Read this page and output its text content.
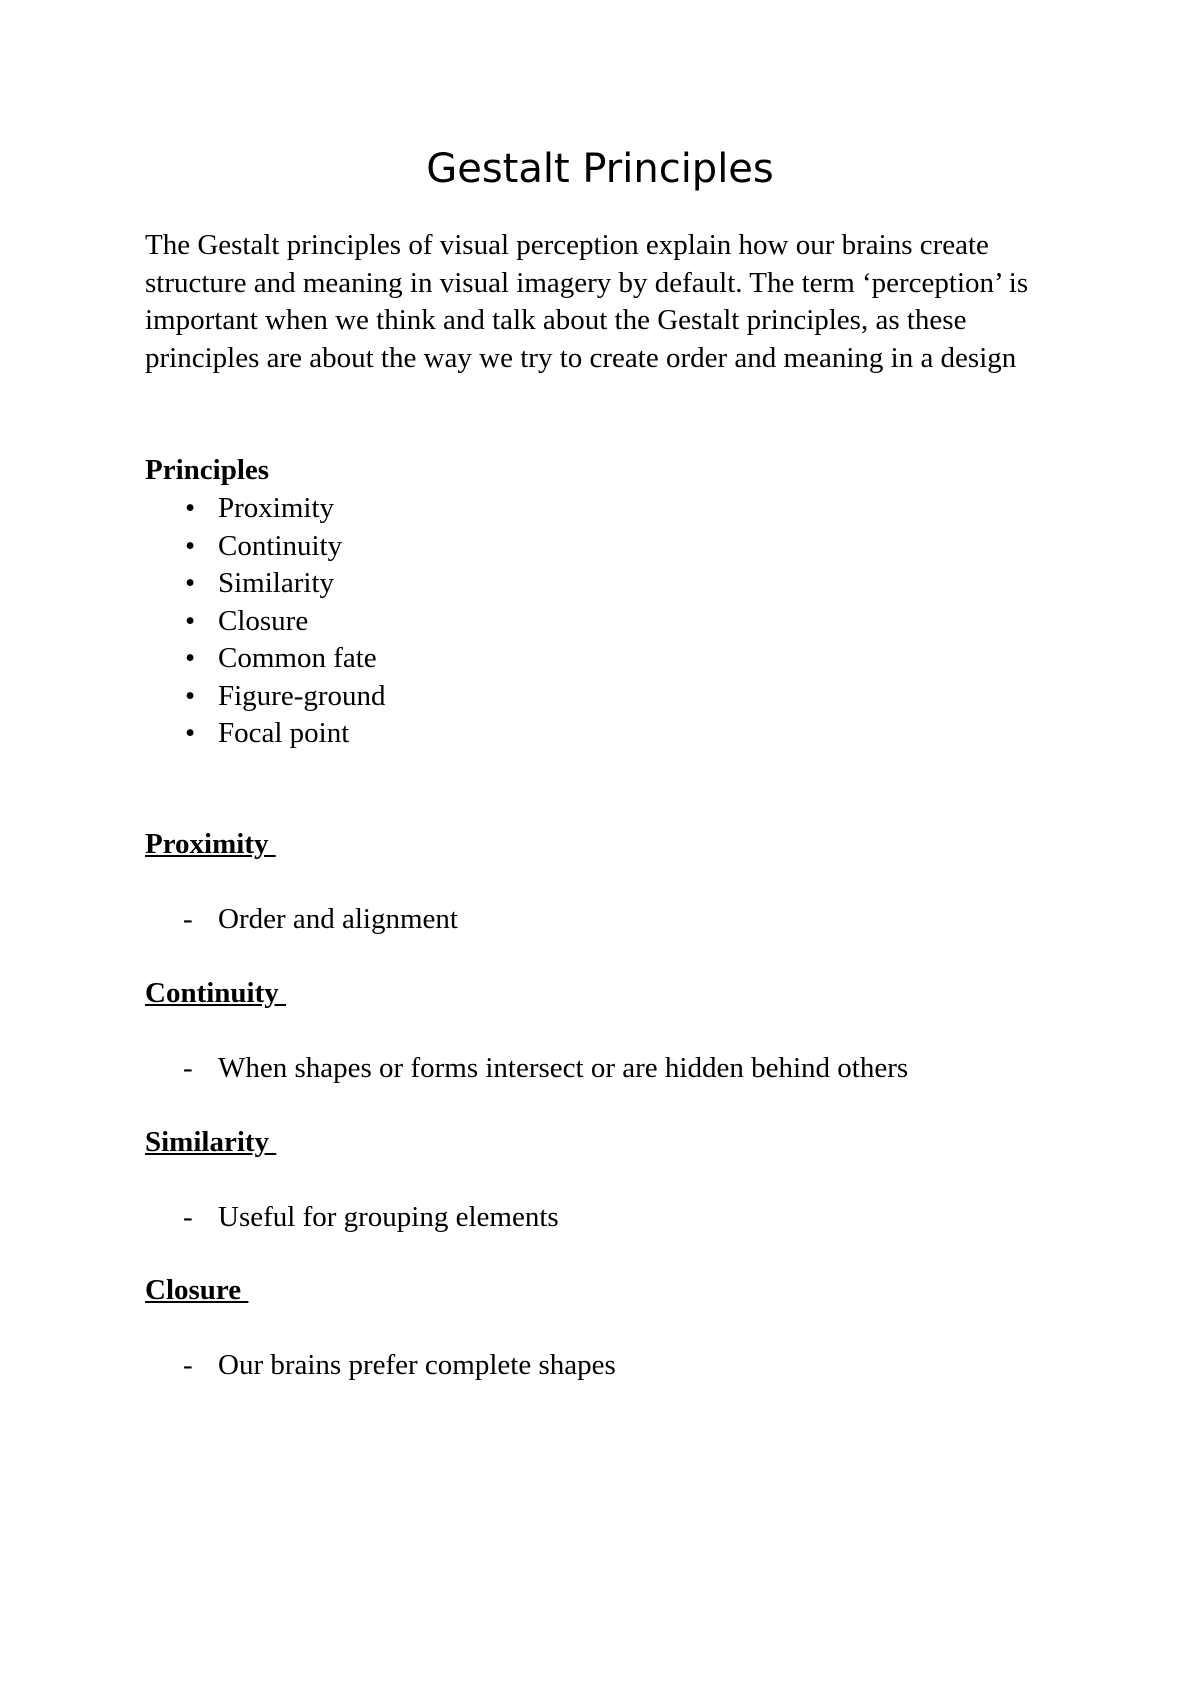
Gestalt Principles

The Gestalt principles of visual perception explain how our brains create structure and meaning in visual imagery by default. The term ‘perception’ is important when we think and talk about the Gestalt principles, as these principles are about the way we try to create order and meaning in a design

Principles

• Proximity
• Continuity
• Similarity
• Closure
• Common fate
• Figure-ground
• Focal point
Proximity
- Order and alignment
Continuity
- When shapes or forms intersect or are hidden behind others
Similarity
- Useful for grouping elements
Closure
- Our brains prefer complete shapes
